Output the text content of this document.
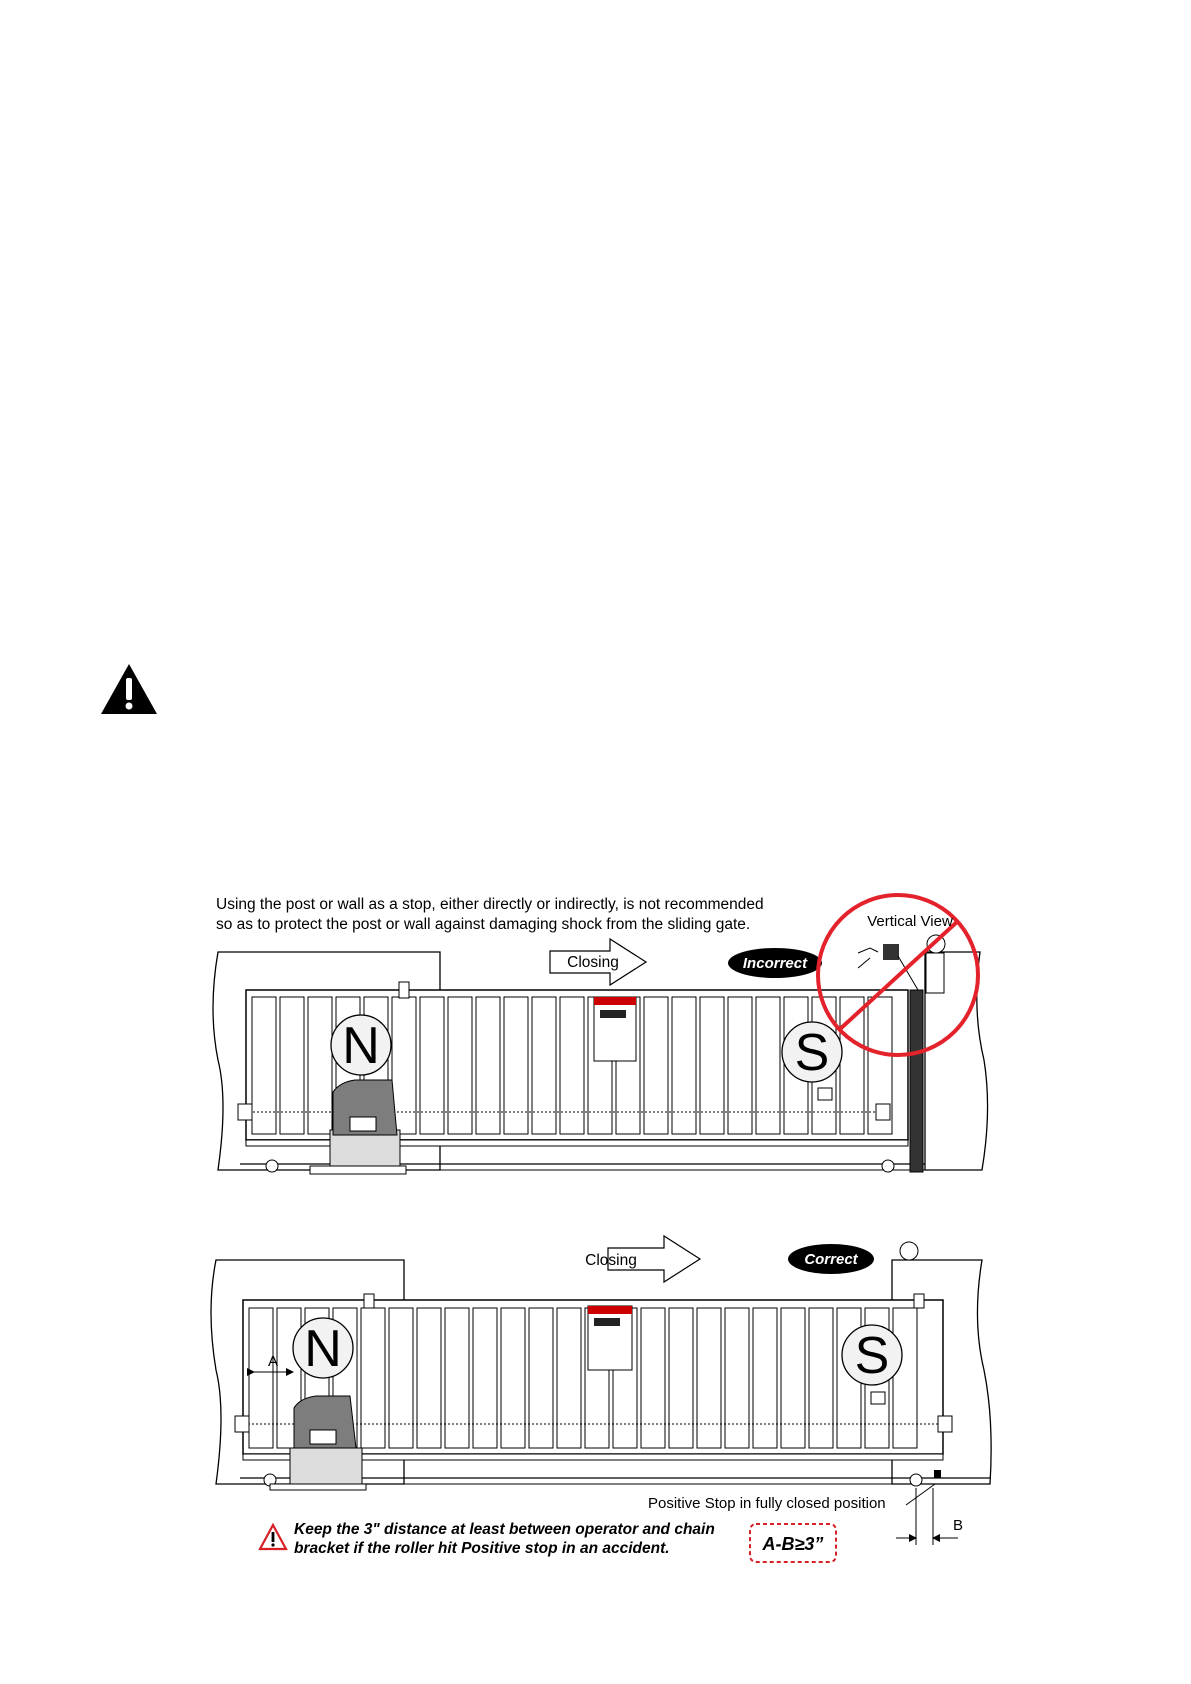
Using the post or wall as a stop, either directly or indirectly, is not recommended
so as to protect the post or wall against damaging shock from the sliding gate.
Closing	Incorrect
Vertical View
N	S
Closing	Correct
N	S
A
B
A-B≥3”
Positive Stop in fully closed position
Keep the 3" distance at least between operator and chain
bracket if the roller hit Positive stop in an accident.
